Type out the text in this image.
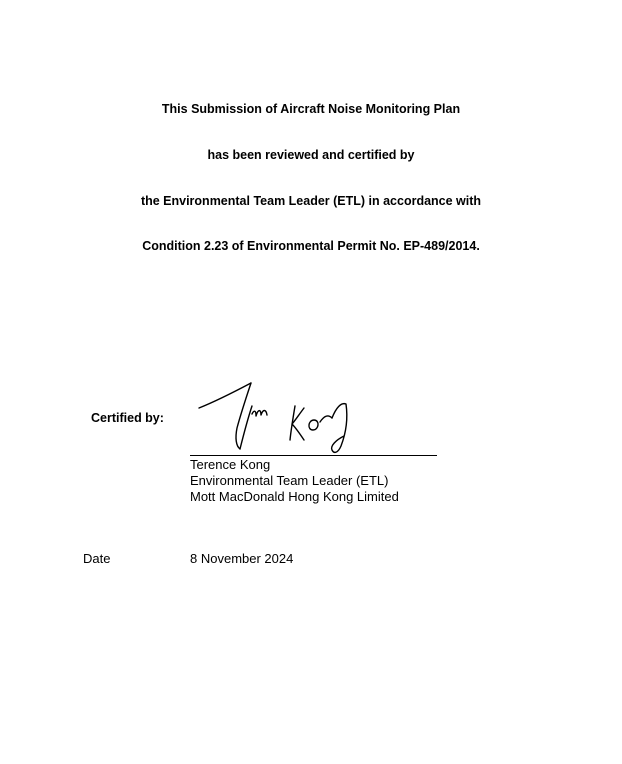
This Submission of Aircraft Noise Monitoring Plan
has been reviewed and certified by
the Environmental Team Leader (ETL) in accordance with
Condition 2.23 of Environmental Permit No. EP-489/2014.
Certified by:
Terence Kong
Environmental Team Leader (ETL)
Mott MacDonald Hong Kong Limited
Date	8 November 2024
